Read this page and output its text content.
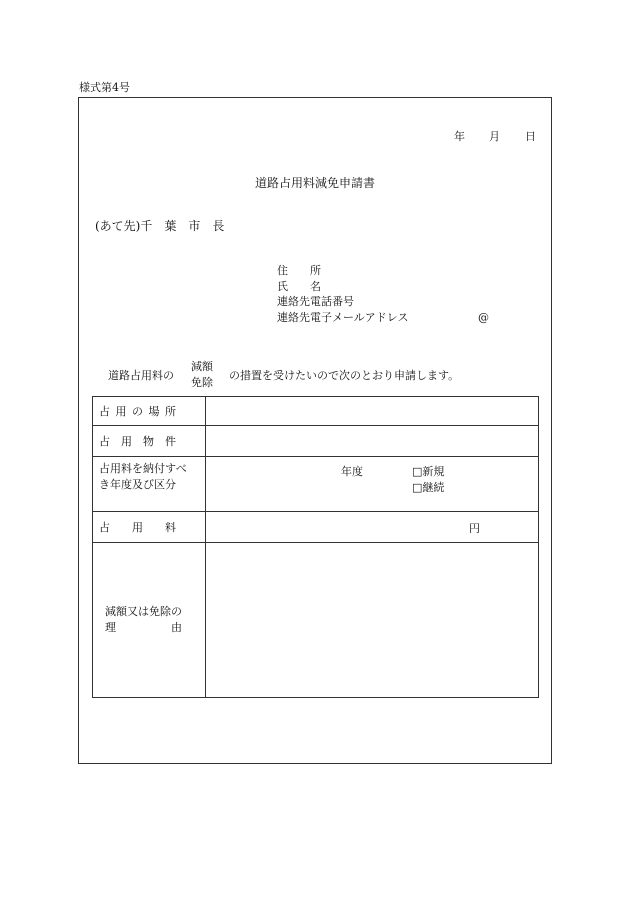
様式第4号
年 月 日
道路占用料減免申請書
(あて先)千　葉　市　長
住　　所
氏　　名
連絡先電話番号
連絡先電子メールアドレス	@
道路占用料の
減額
免除
の措置を受けたいので次のとおり申請します。
占用の場所	
占　用　物　件	

占用料を納付すべ
き年度及び区分	年度 □ 新規
□ 継続

占　　用　　料	円

減額又は免除の
理　　　　　由	
